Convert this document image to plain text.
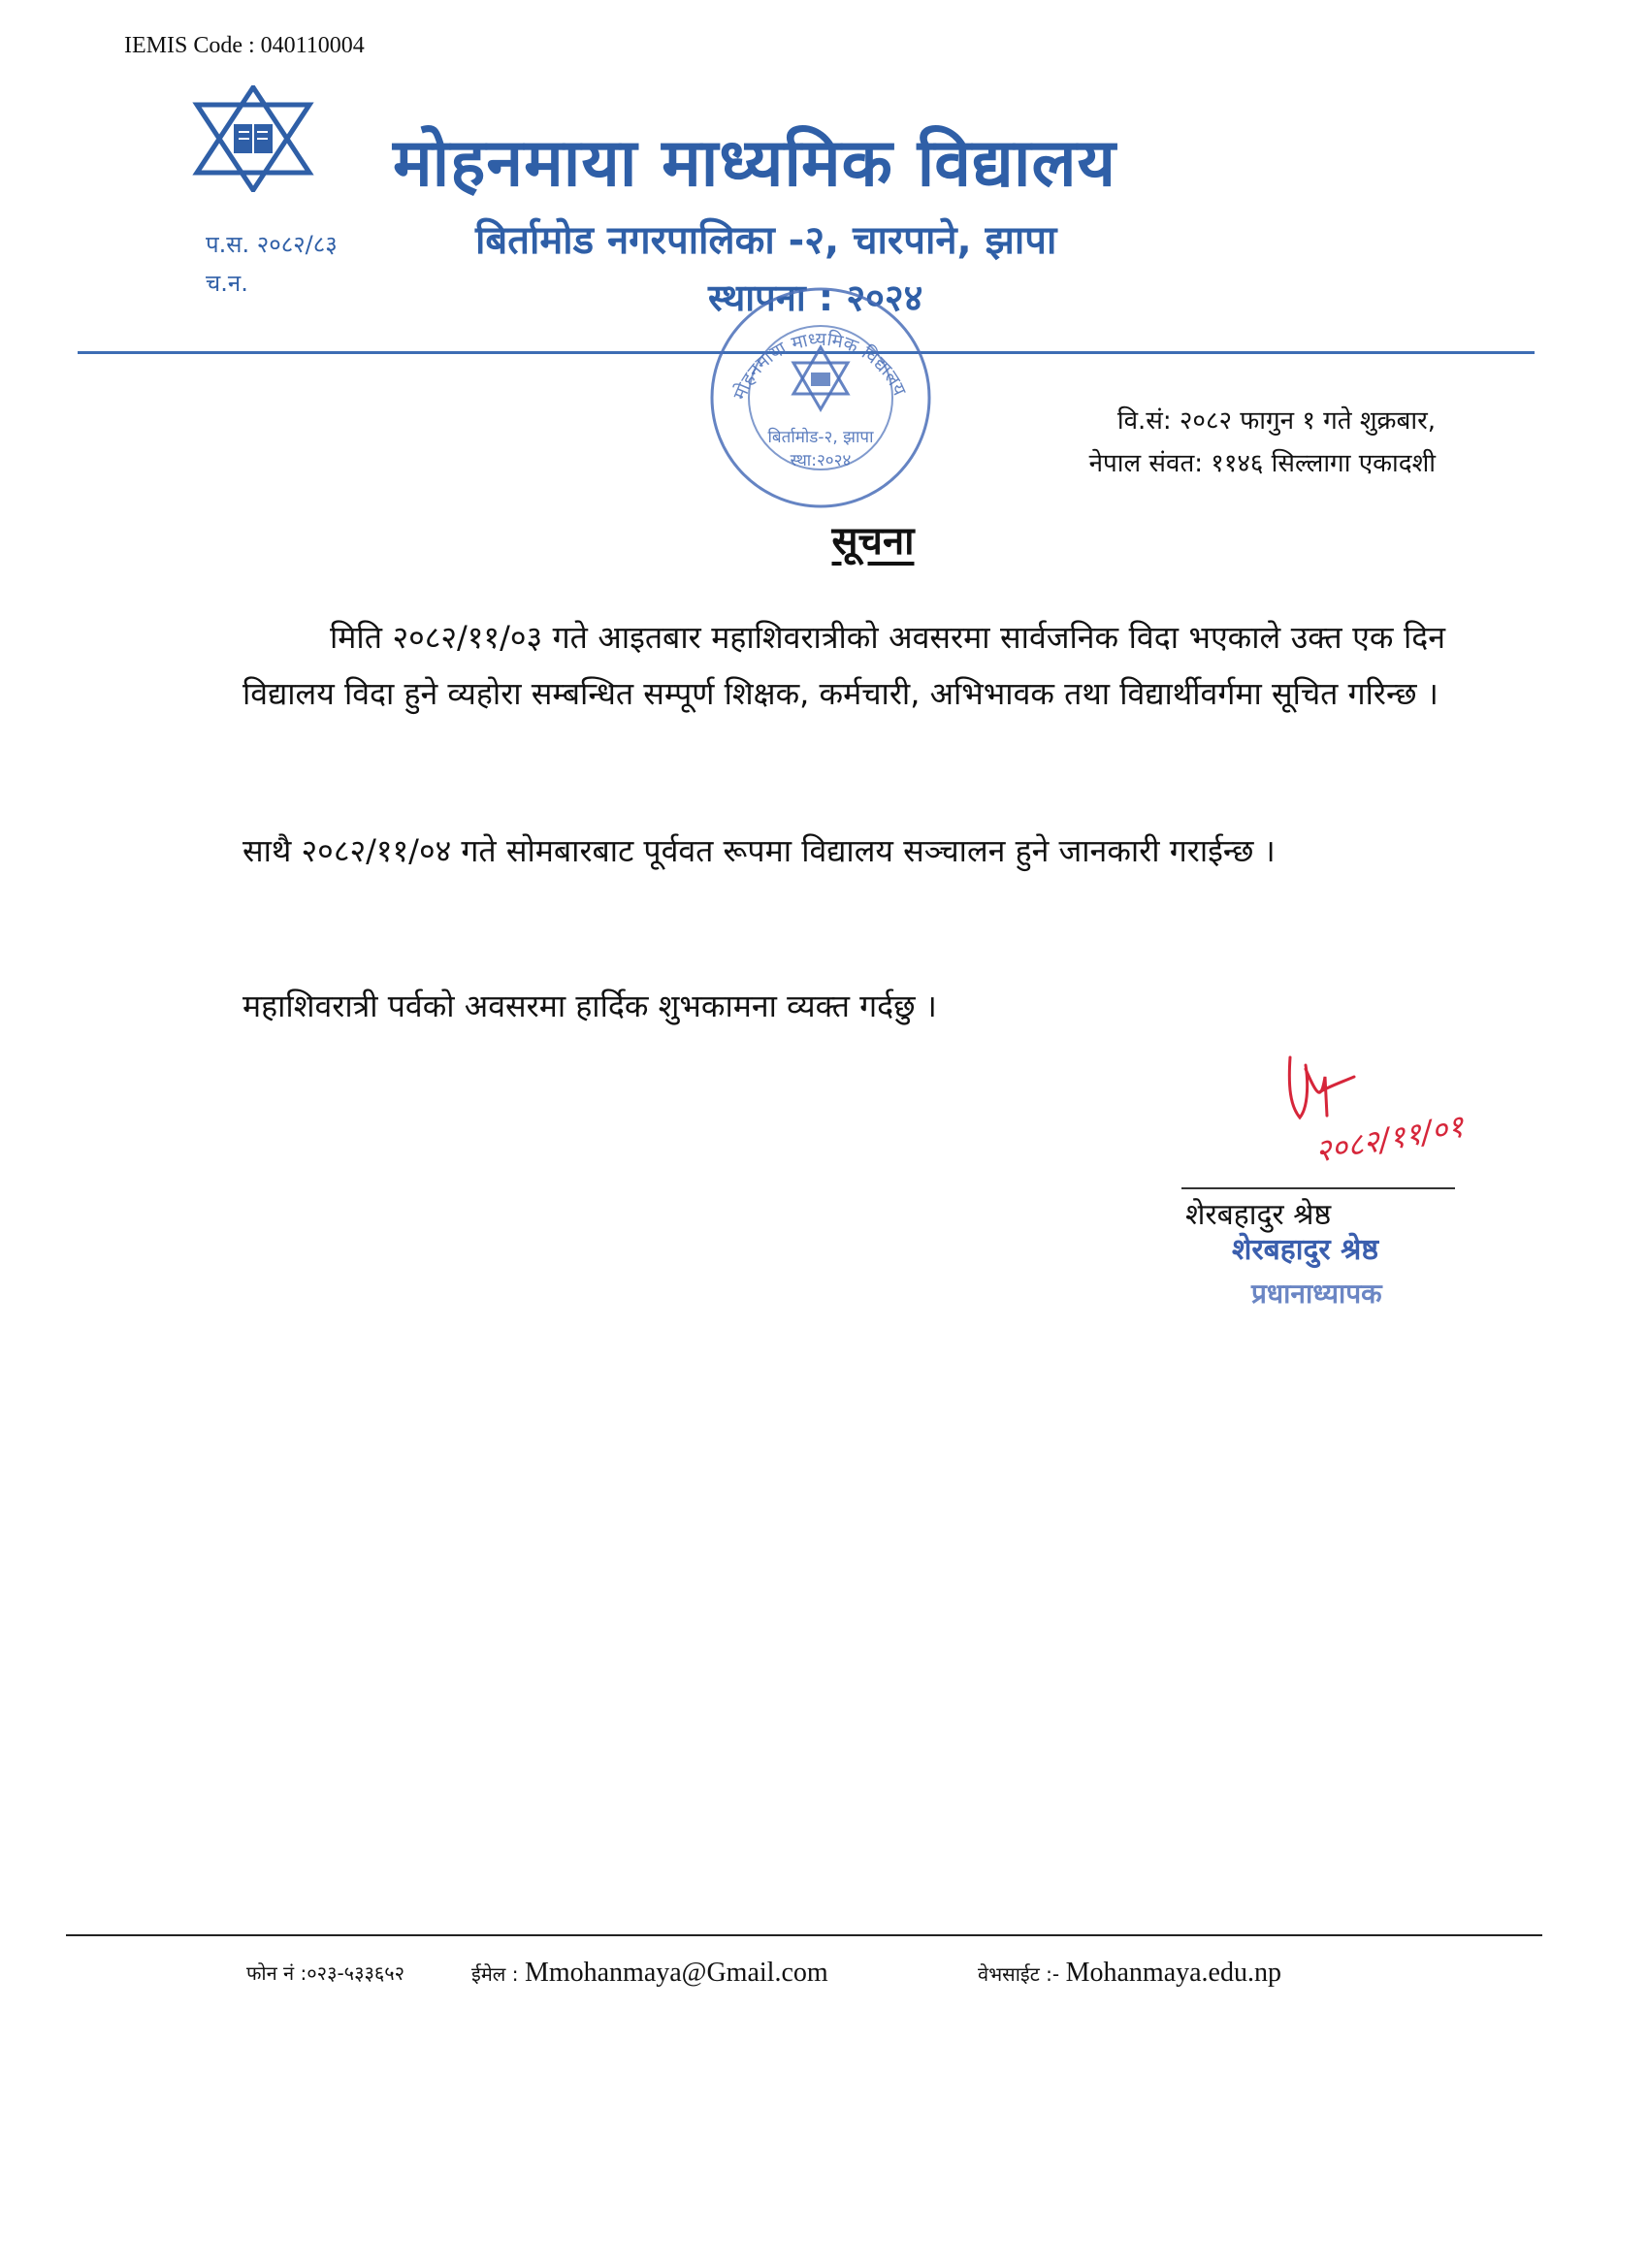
IEMIS Code : 040110004
मोहनमाया माध्यमिक विद्यालय
बिर्तामोड नगरपालिका -२, चारपाने, झापा
स्थापना : २०२४
प.स. २०८२/८३
च.न.
मोहनमाया माध्यमिक विद्यालय
बिर्तामोड-२, झापा
स्था:२०२४
वि.सं: २०८२ फागुन १ गते शुक्रबार,
नेपाल संवत: ११४६ सिल्लागा एकादशी
सूचना
मिति २०८२/११/०३ गते आइतबार महाशिवरात्रीको अवसरमा सार्वजनिक विदा भएकाले उक्त एक दिन विद्यालय विदा हुने व्यहोरा सम्बन्धित सम्पूर्ण शिक्षक, कर्मचारी, अभिभावक तथा विद्यार्थीवर्गमा सूचित गरिन्छ ।
साथै २०८२/११/०४ गते सोमबारबाट पूर्ववत रूपमा विद्यालय सञ्चालन हुने जानकारी गराईन्छ ।
महाशिवरात्री पर्वको अवसरमा हार्दिक शुभकामना व्यक्त गर्दछु ।
२०८२/११/०१
शेरबहादुर श्रेष्ठ
शेरबहादुर श्रेष्ठ
प्रधानाध्यापक
फोन नं :०२३-५३३६५२	ईमेल : Mmohanmaya@Gmail.com	वेभसाईट :- Mohanmaya.edu.np
